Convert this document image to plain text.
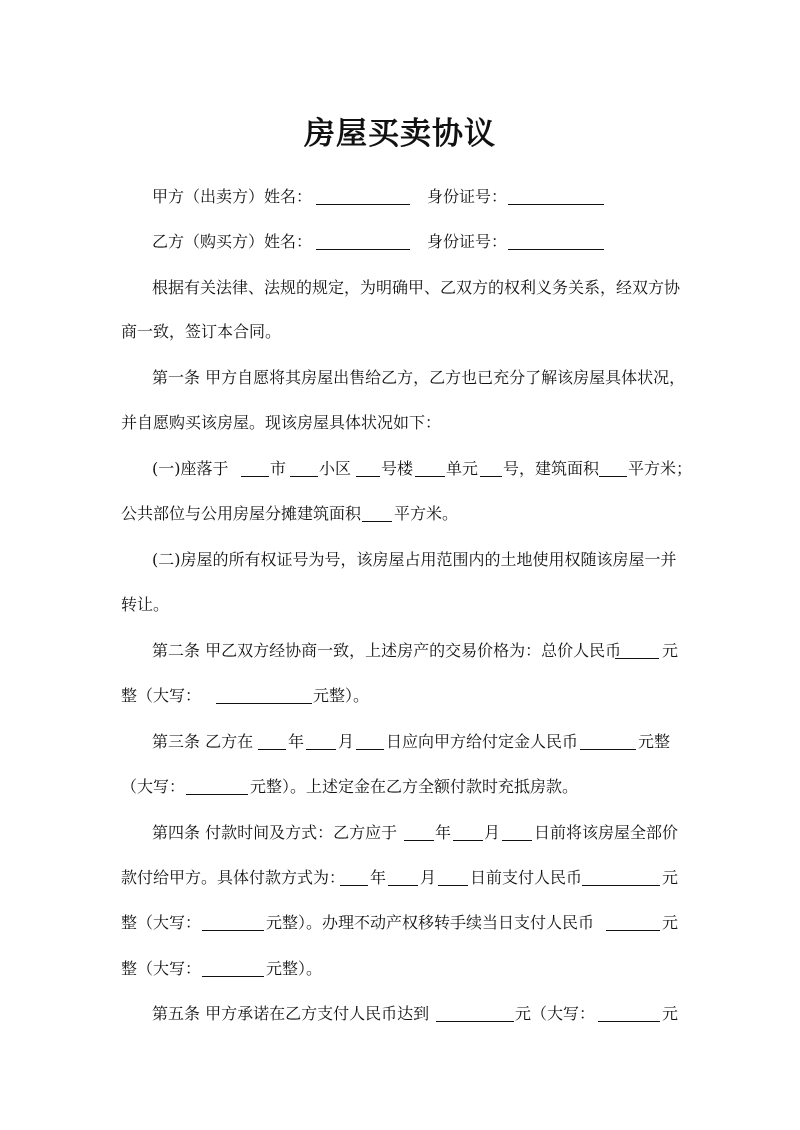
房屋买卖协议
甲方（出卖方）姓名：	身份证号：
乙方（购买方）姓名：	身份证号：
根据有关法律、法规的规定，为明确甲、乙双方的权利义务关系，经双方协
商一致，签订本合同。
第一条 甲方自愿将其房屋出售给乙方，乙方也已充分了解该房屋具体状况，
并自愿购买该房屋。现该房屋具体状况如下：
(一)座落于	市 小区 号楼 单元 号，建筑面积 平方米；
公共部位与公用房屋分摊建筑面积 平方米。
(二)房屋的所有权证号为号，该房屋占用范围内的土地使用权随该房屋一并
转让。
第二条 甲乙双方经协商一致，上述房产的交易价格为：总价人民币	元
整（大写：	元整）。
第三条 乙方在 年 月 日应向甲方给付定金人民币	元整
（大写：	元整）。上述定金在乙方全额付款时充抵房款。
第四条 付款时间及方式：乙方应于 年 月 日前将该房屋全部价
款付给甲方。具体付款方式为： 年 月 日前支付人民币	元
整（大写：	元整）。办理不动产权移转手续当日支付人民币	元
整（大写：	元整）。
第五条 甲方承诺在乙方支付人民币达到	元（大写：	元
